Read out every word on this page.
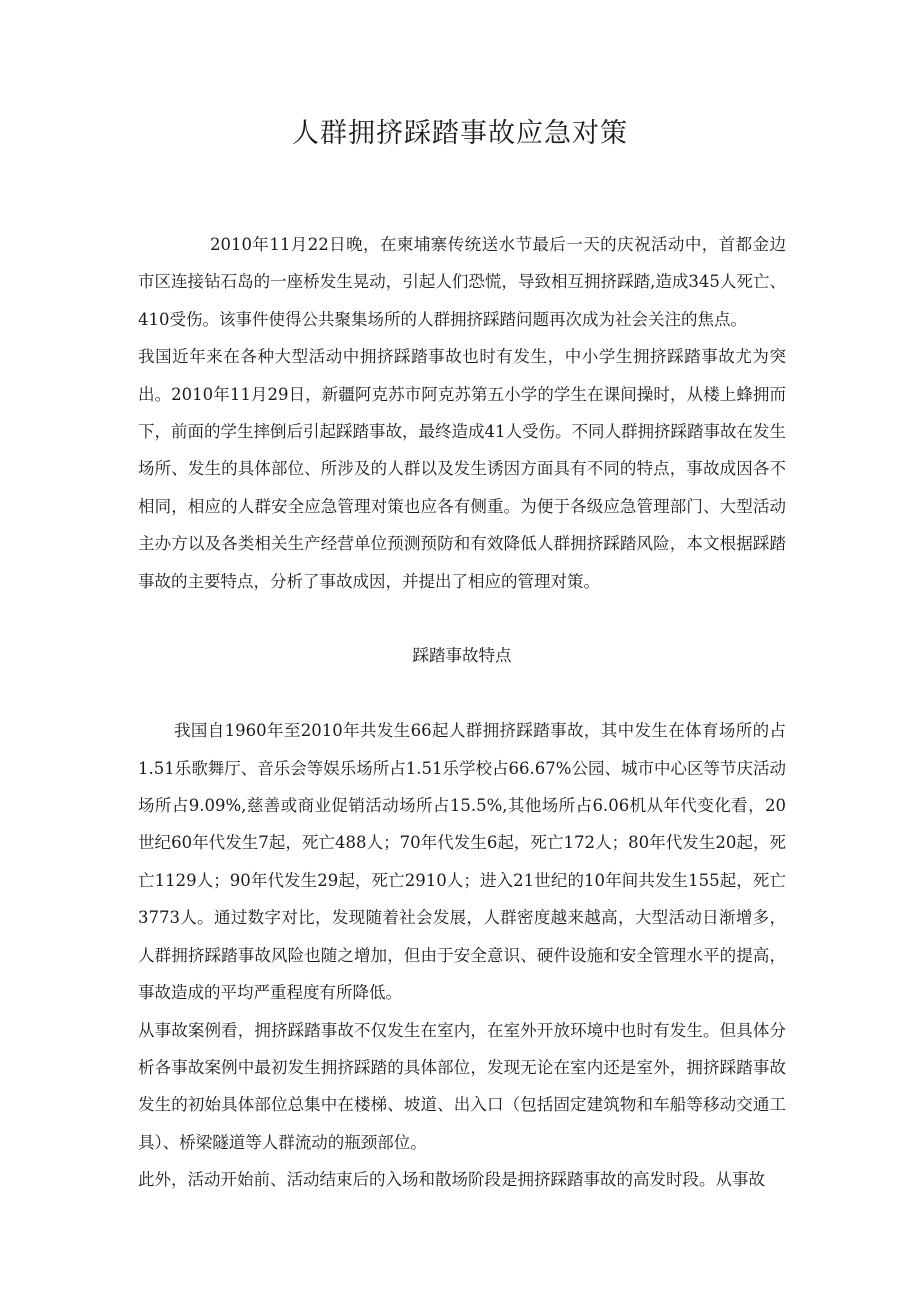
人群拥挤踩踏事故应急对策

2010年11月22日晚，在柬埔寨传统送水节最后一天的庆祝活动中，首都金边市区连接钻石岛的一座桥发生晃动，引起人们恐慌，导致相互拥挤踩踏,造成345人死亡、410受伤。该事件使得公共聚集场所的人群拥挤踩踏问题再次成为社会关注的焦点。

我国近年来在各种大型活动中拥挤踩踏事故也时有发生，中小学生拥挤踩踏事故尤为突出。2010年11月29日，新疆阿克苏市阿克苏第五小学的学生在课间操时，从楼上蜂拥而下，前面的学生摔倒后引起踩踏事故，最终造成41人受伤。不同人群拥挤踩踏事故在发生场所、发生的具体部位、所涉及的人群以及发生诱因方面具有不同的特点，事故成因各不相同，相应的人群安全应急管理对策也应各有侧重。为便于各级应急管理部门、大型活动主办方以及各类相关生产经营单位预测预防和有效降低人群拥挤踩踏风险，本文根据踩踏事故的主要特点，分析了事故成因，并提出了相应的管理对策。

踩踏事故特点

我国自1960年至2010年共发生66起人群拥挤踩踏事故，其中发生在体育场所的占1.51乐歌舞厅、音乐会等娱乐场所占1.51乐学校占66.67%公园、城市中心区等节庆活动场所占9.09%,慈善或商业促销活动场所占15.5%,其他场所占6.06机从年代变化看，20世纪60年代发生7起，死亡488人；70年代发生6起，死亡172人；80年代发生20起，死亡1129人；90年代发生29起，死亡2910人；进入21世纪的10年间共发生155起，死亡3773人。通过数字对比，发现随着社会发展，人群密度越来越高，大型活动日渐增多，人群拥挤踩踏事故风险也随之增加，但由于安全意识、硬件设施和安全管理水平的提高，事故造成的平均严重程度有所降低。

从事故案例看，拥挤踩踏事故不仅发生在室内，在室外开放环境中也时有发生。但具体分析各事故案例中最初发生拥挤踩踏的具体部位，发现无论在室内还是室外，拥挤踩踏事故发生的初始具体部位总集中在楼梯、坡道、出入口（包括固定建筑物和车船等移动交通工具）、桥梁隧道等人群流动的瓶颈部位。

此外，活动开始前、活动结束后的入场和散场阶段是拥挤踩踏事故的高发时段。从事故
